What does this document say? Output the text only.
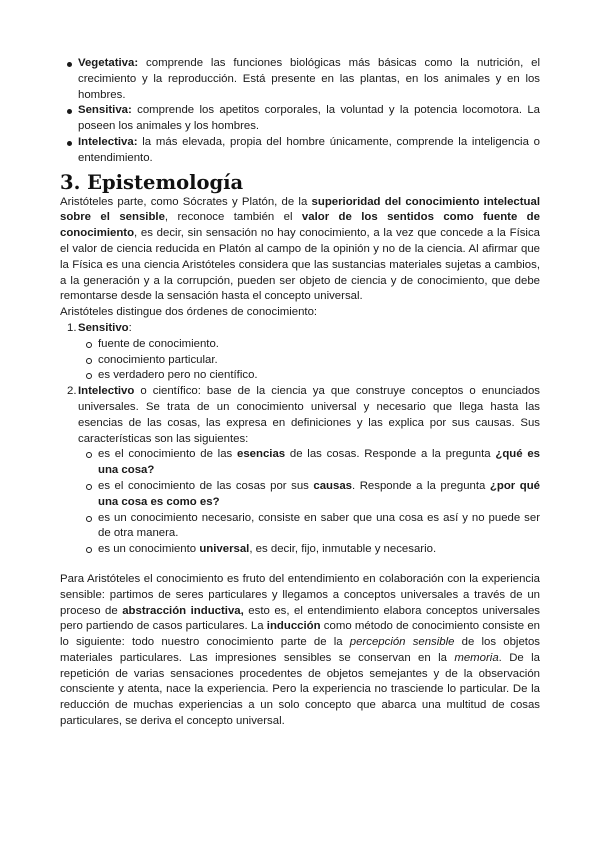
Vegetativa: comprende las funciones biológicas más básicas como la nutrición, el crecimiento y la reproducción. Está presente en las plantas, en los animales y en los hombres.
Sensitiva: comprende los apetitos corporales, la voluntad y la potencia locomotora. La poseen los animales y los hombres.
Intelectiva: la más elevada, propia del hombre únicamente, comprende la inteligencia o entendimiento.
3. Epistemología

Aristóteles parte, como Sócrates y Platón, de la superioridad del conocimiento intelectual sobre el sensible, reconoce también el valor de los sentidos como fuente de conocimiento, es decir, sin sensación no hay conocimiento, a la vez que concede a la Física el valor de ciencia reducida en Platón al campo de la opinión y no de la ciencia. Al afirmar que la Física es una ciencia Aristóteles considera que las sustancias materiales sujetas a cambios, a la generación y a la corrupción, pueden ser objeto de ciencia y de conocimiento, que debe remontarse desde la sensación hasta el concepto universal.

Aristóteles distingue dos órdenes de conocimiento:

Sensitivo:
fuente de conocimiento.
conocimiento particular.
es verdadero pero no científico.
Intelectivo o científico: base de la ciencia ya que construye conceptos o enunciados universales. Se trata de un conocimiento universal y necesario que llega hasta las esencias de las cosas, las expresa en definiciones y las explica por sus causas. Sus características son las siguientes:
es el conocimiento de las esencias de las cosas. Responde a la pregunta ¿qué es una cosa?
es el conocimiento de las cosas por sus causas. Responde a la pregunta ¿por qué una cosa es como es?
es un conocimiento necesario, consiste en saber que una cosa es así y no puede ser de otra manera.
es un conocimiento universal, es decir, fijo, inmutable y necesario.

Para Aristóteles el conocimiento es fruto del entendimiento en colaboración con la experiencia sensible: partimos de seres particulares y llegamos a conceptos universales a través de un proceso de abstracción inductiva, esto es, el entendimiento elabora conceptos universales pero partiendo de casos particulares. La inducción como método de conocimiento consiste en lo siguiente: todo nuestro conocimiento parte de la percepción sensible de los objetos materiales particulares. Las impresiones sensibles se conservan en la memoria. De la repetición de varias sensaciones procedentes de objetos semejantes y de la observación consciente y atenta, nace la experiencia. Pero la experiencia no trasciende lo particular. De la reducción de muchas experiencias a un solo concepto que abarca una multitud de cosas particulares, se deriva el concepto universal.
